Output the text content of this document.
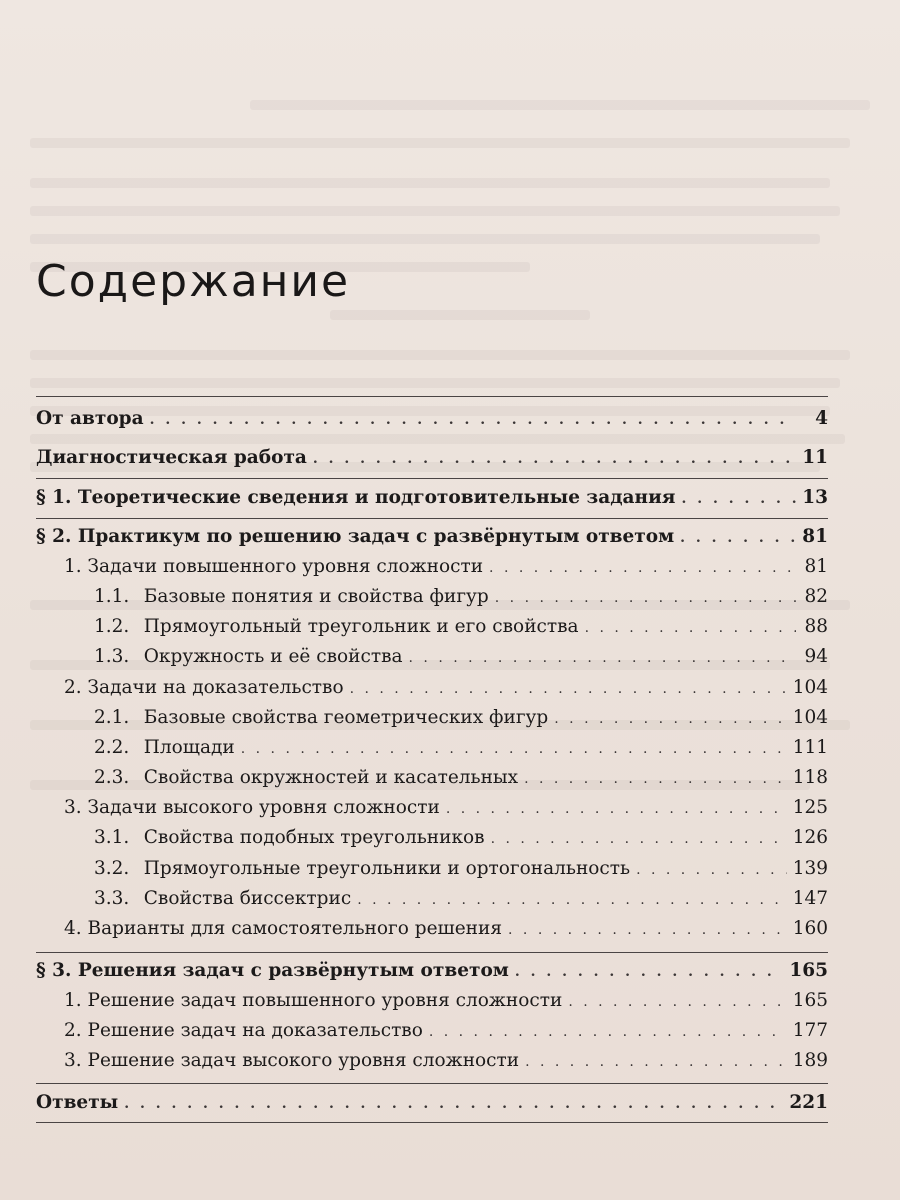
Содержание
От автора . . .	4
Диагностическая работа . . .	11
§ 1. Теоретические сведения и подготовительные задания . . .	13
§ 2. Практикум по решению задач с развёрнутым ответом . . .	81
1. Задачи повышенного уровня сложности . . .	81
1.1. Базовые понятия и свойства фигур . . .	82
1.2. Прямоугольный треугольник и его свойства . . .	88
1.3. Окружность и её свойства . . .	94
2. Задачи на доказательство . . .	104
2.1. Базовые свойства геометрических фигур . . .	104
2.2. Площади . . .	111
2.3. Свойства окружностей и касательных . . .	118
3. Задачи высокого уровня сложности . . .	125
3.1. Свойства подобных треугольников . . .	126
3.2. Прямоугольные треугольники и ортогональность . . .	139
3.3. Свойства биссектрис . . .	147
4. Варианты для самостоятельного решения . . .	160
§ 3. Решения задач с развёрнутым ответом . . .	165
1. Решение задач повышенного уровня сложности . . .	165
2. Решение задач на доказательство . . .	177
3. Решение задач высокого уровня сложности . . .	189
Ответы . . .	221
